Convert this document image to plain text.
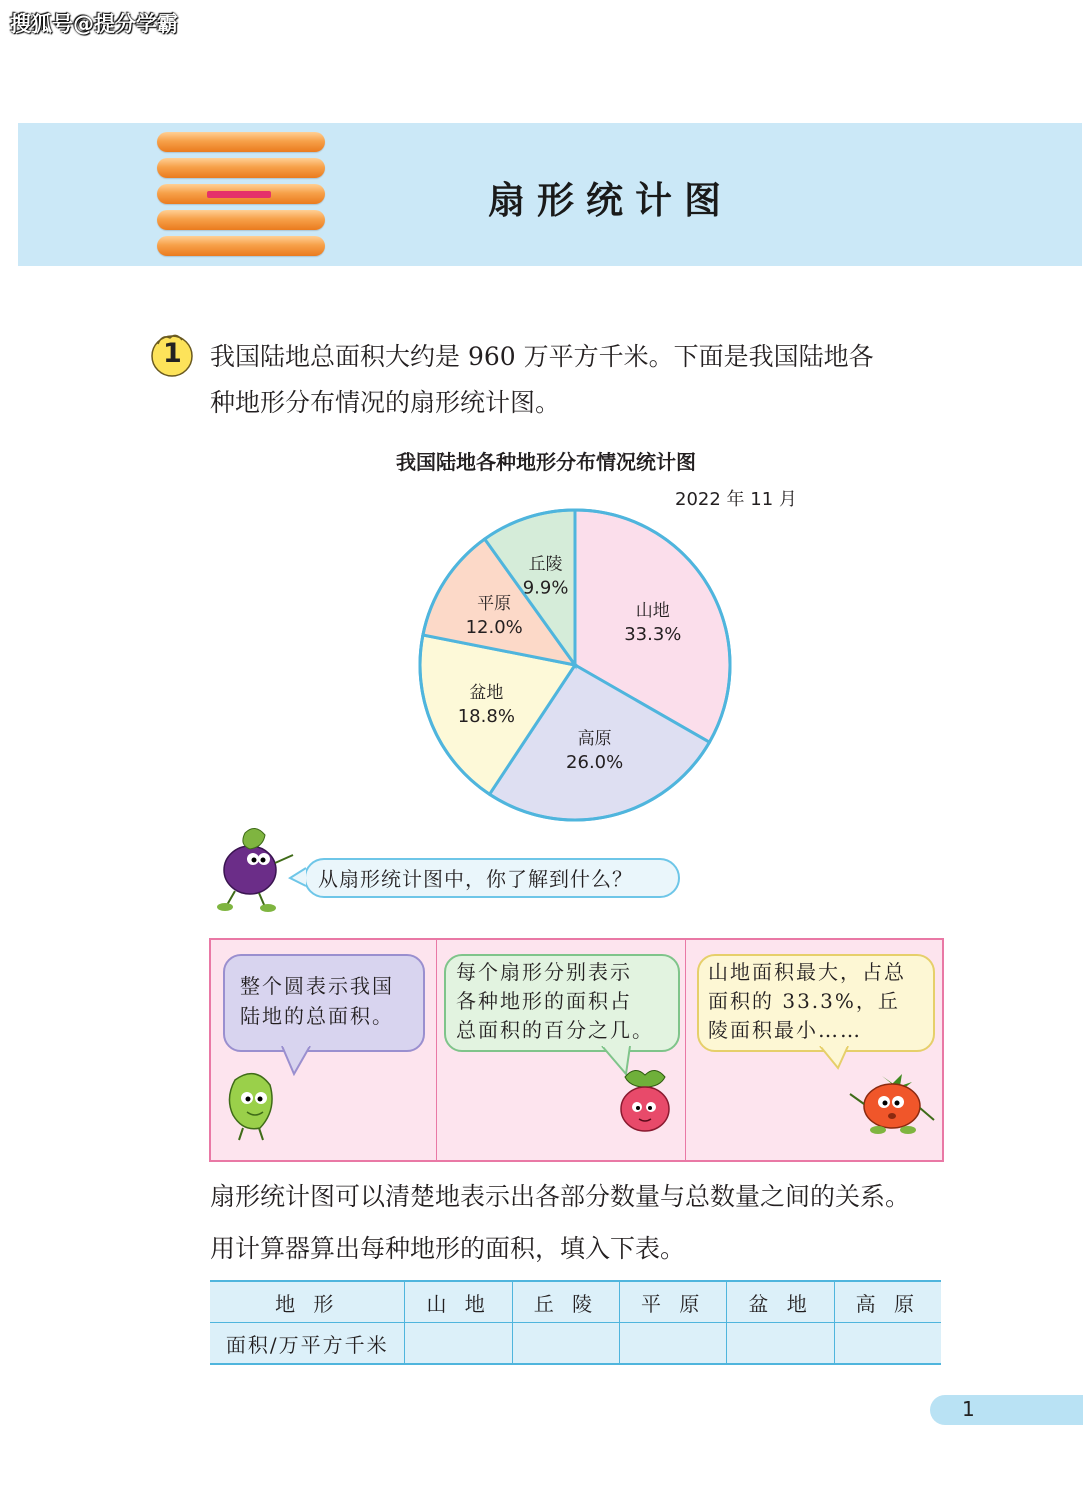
搜狐号@提分学霸
扇形统计图
1 我国陆地总面积大约是 960 万平方千米。下面是我国陆地各
种地形分布情况的扇形统计图。
我国陆地各种地形分布情况统计图
2022 年 11 月
山地
33.3%
高原
26.0%
盆地
18.8%
平原
12.0%
丘陵
9.9%
从扇形统计图中，你了解到什么？
整个圆表示我国
陆地的总面积。
每个扇形分别表示
各种地形的面积占
总面积的百分之几。
山地面积最大，占总
面积的 33.3%，丘
陵面积最小……
扇形统计图可以清楚地表示出各部分数量与总数量之间的关系。
用计算器算出每种地形的面积，填入下表。
地 形	山 地	丘 陵	平 原	盆 地	高 原
面积/万平方千米					
1
